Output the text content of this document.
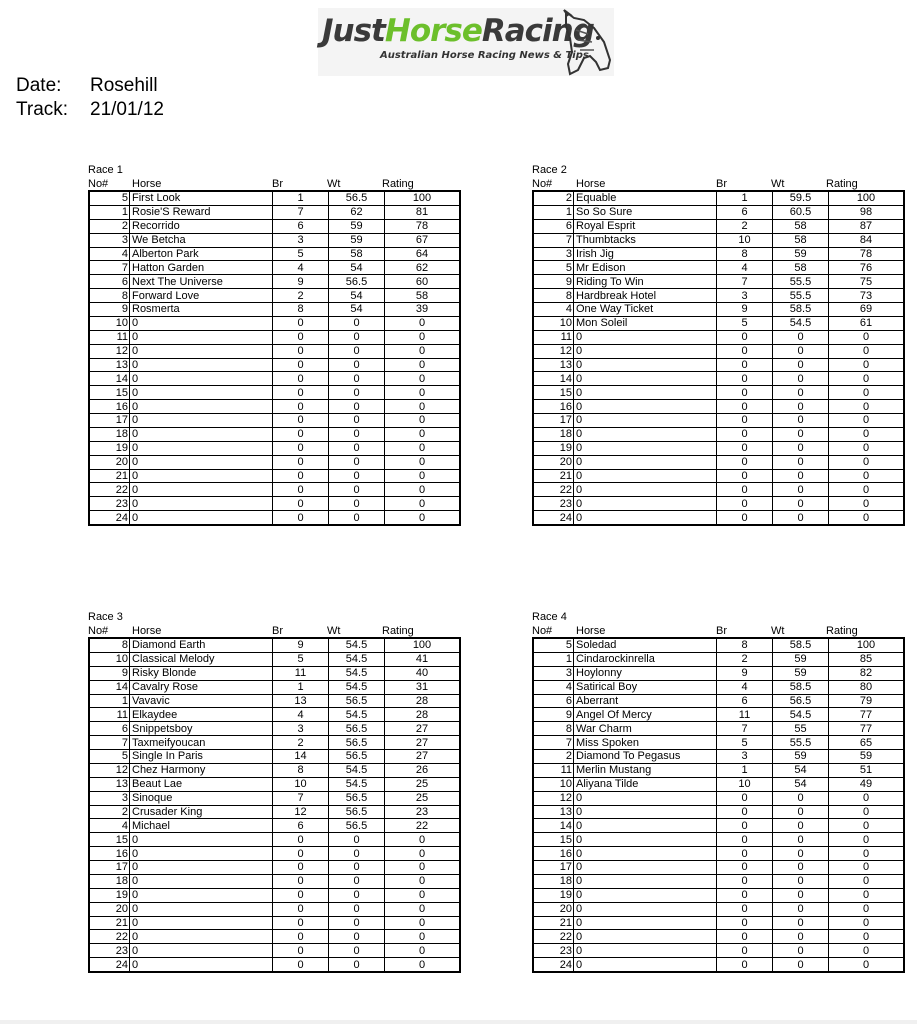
JustHorseRacing
Australian Horse Racing News & Tips
Date: Rosehill
Track: 21/01/12
Race 1
No# Horse	Br	Wt	Rating
5	First Look	1	56.5	100
1	Rosie'S Reward	7	62	81
2	Recorrido	6	59	78
3	We Betcha	3	59	67
4	Alberton Park	5	58	64
7	Hatton Garden	4	54	62
6	Next The Universe	9	56.5	60
8	Forward Love	2	54	58
9	Rosmerta	8	54	39
10	0	0	0	0
11	0	0	0	0
12	0	0	0	0
13	0	0	0	0
14	0	0	0	0
15	0	0	0	0
16	0	0	0	0
17	0	0	0	0
18	0	0	0	0
19	0	0	0	0
20	0	0	0	0
21	0	0	0	0
22	0	0	0	0
23	0	0	0	0
24	0	0	0	0
Race 2
No# Horse	Br	Wt	Rating
2	Equable	1	59.5	100
1	So So Sure	6	60.5	98
6	Royal Esprit	2	58	87
7	Thumbtacks	10	58	84
3	Irish Jig	8	59	78
5	Mr Edison	4	58	76
9	Riding To Win	7	55.5	75
8	Hardbreak Hotel	3	55.5	73
4	One Way Ticket	9	58.5	69
10	Mon Soleil	5	54.5	61
11	0	0	0	0
12	0	0	0	0
13	0	0	0	0
14	0	0	0	0
15	0	0	0	0
16	0	0	0	0
17	0	0	0	0
18	0	0	0	0
19	0	0	0	0
20	0	0	0	0
21	0	0	0	0
22	0	0	0	0
23	0	0	0	0
24	0	0	0	0
Race 3
No# Horse	Br	Wt	Rating
8	Diamond Earth	9	54.5	100
10	Classical Melody	5	54.5	41
9	Risky Blonde	11	54.5	40
14	Cavalry Rose	1	54.5	31
1	Vavavic	13	56.5	28
11	Elkaydee	4	54.5	28
6	Snippetsboy	3	56.5	27
7	Taxmeifyoucan	2	56.5	27
5	Single In Paris	14	56.5	27
12	Chez Harmony	8	54.5	26
13	Beaut Lae	10	54.5	25
3	Sinoque	7	56.5	25
2	Crusader King	12	56.5	23
4	Michael	6	56.5	22
15	0	0	0	0
16	0	0	0	0
17	0	0	0	0
18	0	0	0	0
19	0	0	0	0
20	0	0	0	0
21	0	0	0	0
22	0	0	0	0
23	0	0	0	0
24	0	0	0	0
Race 4
No# Horse	Br	Wt	Rating
5	Soledad	8	58.5	100
1	Cindarockinrella	2	59	85
3	Hoylonny	9	59	82
4	Satirical Boy	4	58.5	80
6	Aberrant	6	56.5	79
9	Angel Of Mercy	11	54.5	77
8	War Charm	7	55	77
7	Miss Spoken	5	55.5	65
2	Diamond To Pegasus	3	59	59
11	Merlin Mustang	1	54	51
10	Aliyana Tilde	10	54	49
12	0	0	0	0
13	0	0	0	0
14	0	0	0	0
15	0	0	0	0
16	0	0	0	0
17	0	0	0	0
18	0	0	0	0
19	0	0	0	0
20	0	0	0	0
21	0	0	0	0
22	0	0	0	0
23	0	0	0	0
24	0	0	0	0
